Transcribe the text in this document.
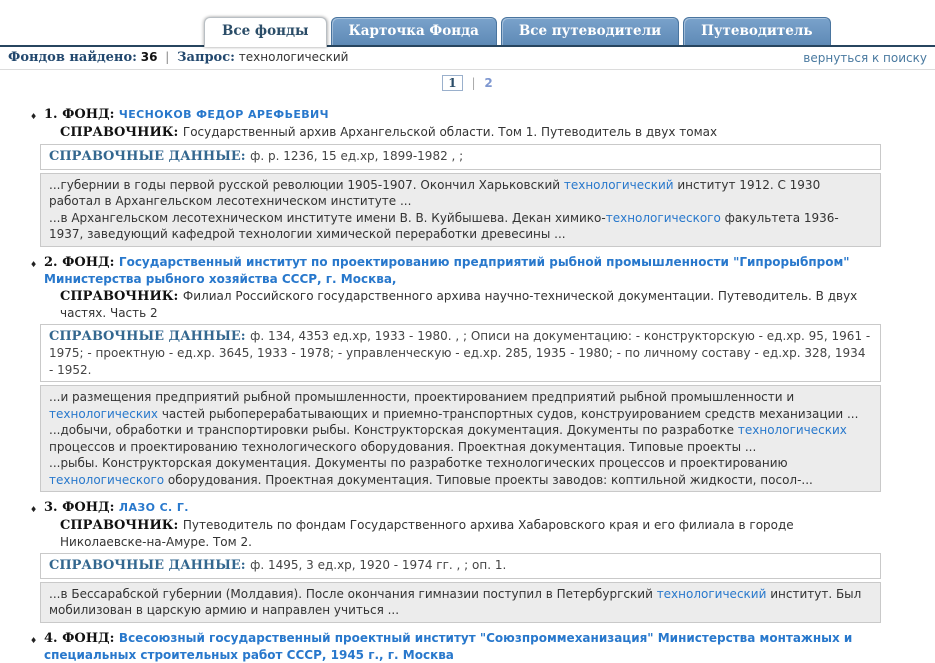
Все фонды	Карточка Фонда	Все путеводители	Путеводитель
Фондов найдено: 36 | Запрос: технологический	вернуться к поиску
1 | 2
♦ 1. ФОНД: ЧЕСНОКОВ ФЕДОР АРЕФЬЕВИЧ
СПРАВОЧНИК: Государственный архив Архангельской области. Том 1. Путеводитель в двух томах
СПРАВОЧНЫЕ ДАННЫЕ: ф. р. 1236, 15 ед.хр, 1899-1982 , ;
...губернии в годы первой русской революции 1905-1907. Окончил Харьковский технологический институт 1912. С 1930 работал в Архангельском лесотехническом институте ...
...в Архангельском лесотехническом институте имени В. В. Куйбышева. Декан химико-технологического факультета 1936-1937, заведующий кафедрой технологии химической переработки древесины ...
♦ 2. ФОНД: Государственный институт по проектированию предприятий рыбной промышленности "Гипрорыбпром" Министерства рыбного хозяйства СССР, г. Москва,
СПРАВОЧНИК: Филиал Российского государственного архива научно-технической документации. Путеводитель. В двух частях. Часть 2
СПРАВОЧНЫЕ ДАННЫЕ: ф. 134, 4353 ед.хр, 1933 - 1980. , ; Описи на документацию: - конструкторскую - ед.хр. 95, 1961 - 1975; - проектную - ед.хр. 3645, 1933 - 1978; - управленческую - ед.хр. 285, 1935 - 1980; - по личному составу - ед.хр. 328, 1934 - 1952.
...и размещения предприятий рыбной промышленности, проектированием предприятий рыбной промышленности и технологических частей рыбоперерабатывающих и приемно-транспортных судов, конструированием средств механизации ...
...добычи, обработки и транспортировки рыбы. Конструкторская документация. Документы по разработке технологических процессов и проектированию технологического оборудования. Проектная документация. Типовые проекты ...
...рыбы. Конструкторская документация. Документы по разработке технологических процессов и проектированию технологического оборудования. Проектная документация. Типовые проекты заводов: коптильной жидкости, посол-...
♦ 3. ФОНД: ЛАЗО С. Г.
СПРАВОЧНИК: Путеводитель по фондам Государственного архива Хабаровского края и его филиала в городе Николаевске-на-Амуре. Том 2.
СПРАВОЧНЫЕ ДАННЫЕ: ф. 1495, 3 ед.хр, 1920 - 1974 гг. , ; оп. 1.
...в Бессарабской губернии (Молдавия). После окончания гимназии поступил в Петербургский технологический институт. Был мобилизован в царскую армию и направлен учиться ...
♦ 4. ФОНД: Всесоюзный государственный проектный институт "Союзпроммеханизация" Министерства монтажных и специальных строительных работ СССР, 1945 г., г. Москва
